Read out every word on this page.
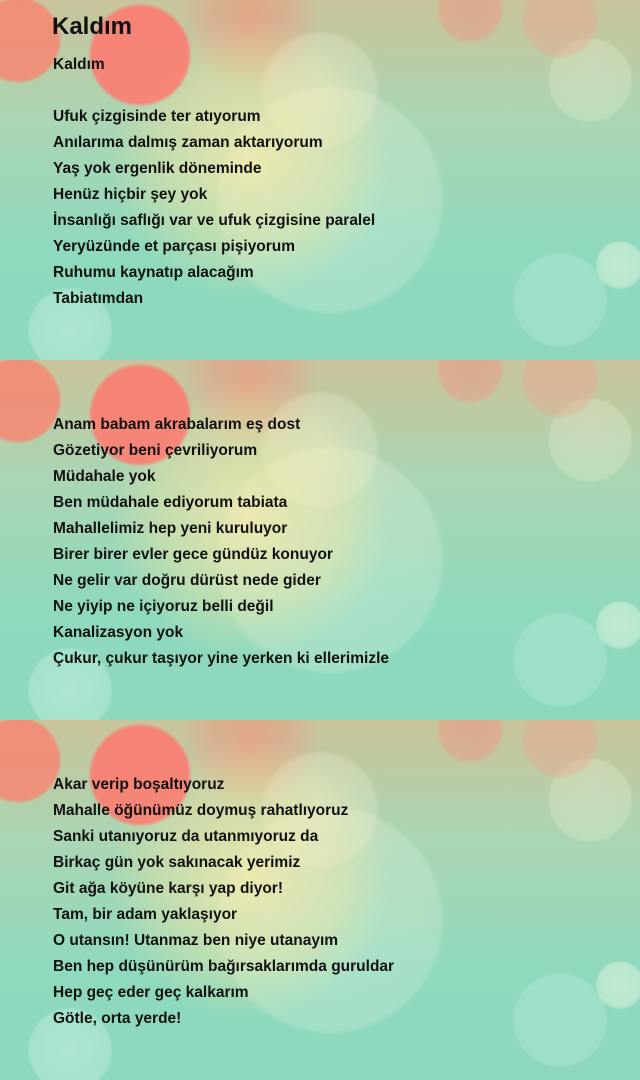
Kaldım
Kaldım
Ufuk çizgisinde ter atıyorum
Anılarıma dalmış zaman aktarıyorum
Yaş yok ergenlik döneminde
Henüz hiçbir şey yok
İnsanlığı saflığı var ve ufuk çizgisine paralel
Yeryüzünde et parçası pişiyorum
Ruhumu kaynatıp alacağım
Tabiatımdan
Anam babam akrabalarım eş dost
Gözetiyor beni çevriliyorum
Müdahale yok
Ben müdahale ediyorum tabiata
Mahallelimiz hep yeni kuruluyor
Birer birer evler gece gündüz konuyor
Ne gelir var doğru dürüst nede gider
Ne yiyip ne içiyoruz belli değil
Kanalizasyon yok
Çukur, çukur taşıyor yine yerken ki ellerimizle
Akar verip boşaltıyoruz
Mahalle öğünümüz doymuş rahatlıyoruz
Sanki utanıyoruz da utanmıyoruz da
Birkaç gün yok sakınacak yerimiz
Git ağa köyüne karşı yap diyor!
Tam, bir adam yaklaşıyor
O utansın! Utanmaz ben niye utanayım
Ben hep düşünürüm bağırsaklarımda guruldar
Hep geç eder geç kalkarım
Götle, orta yerde!
